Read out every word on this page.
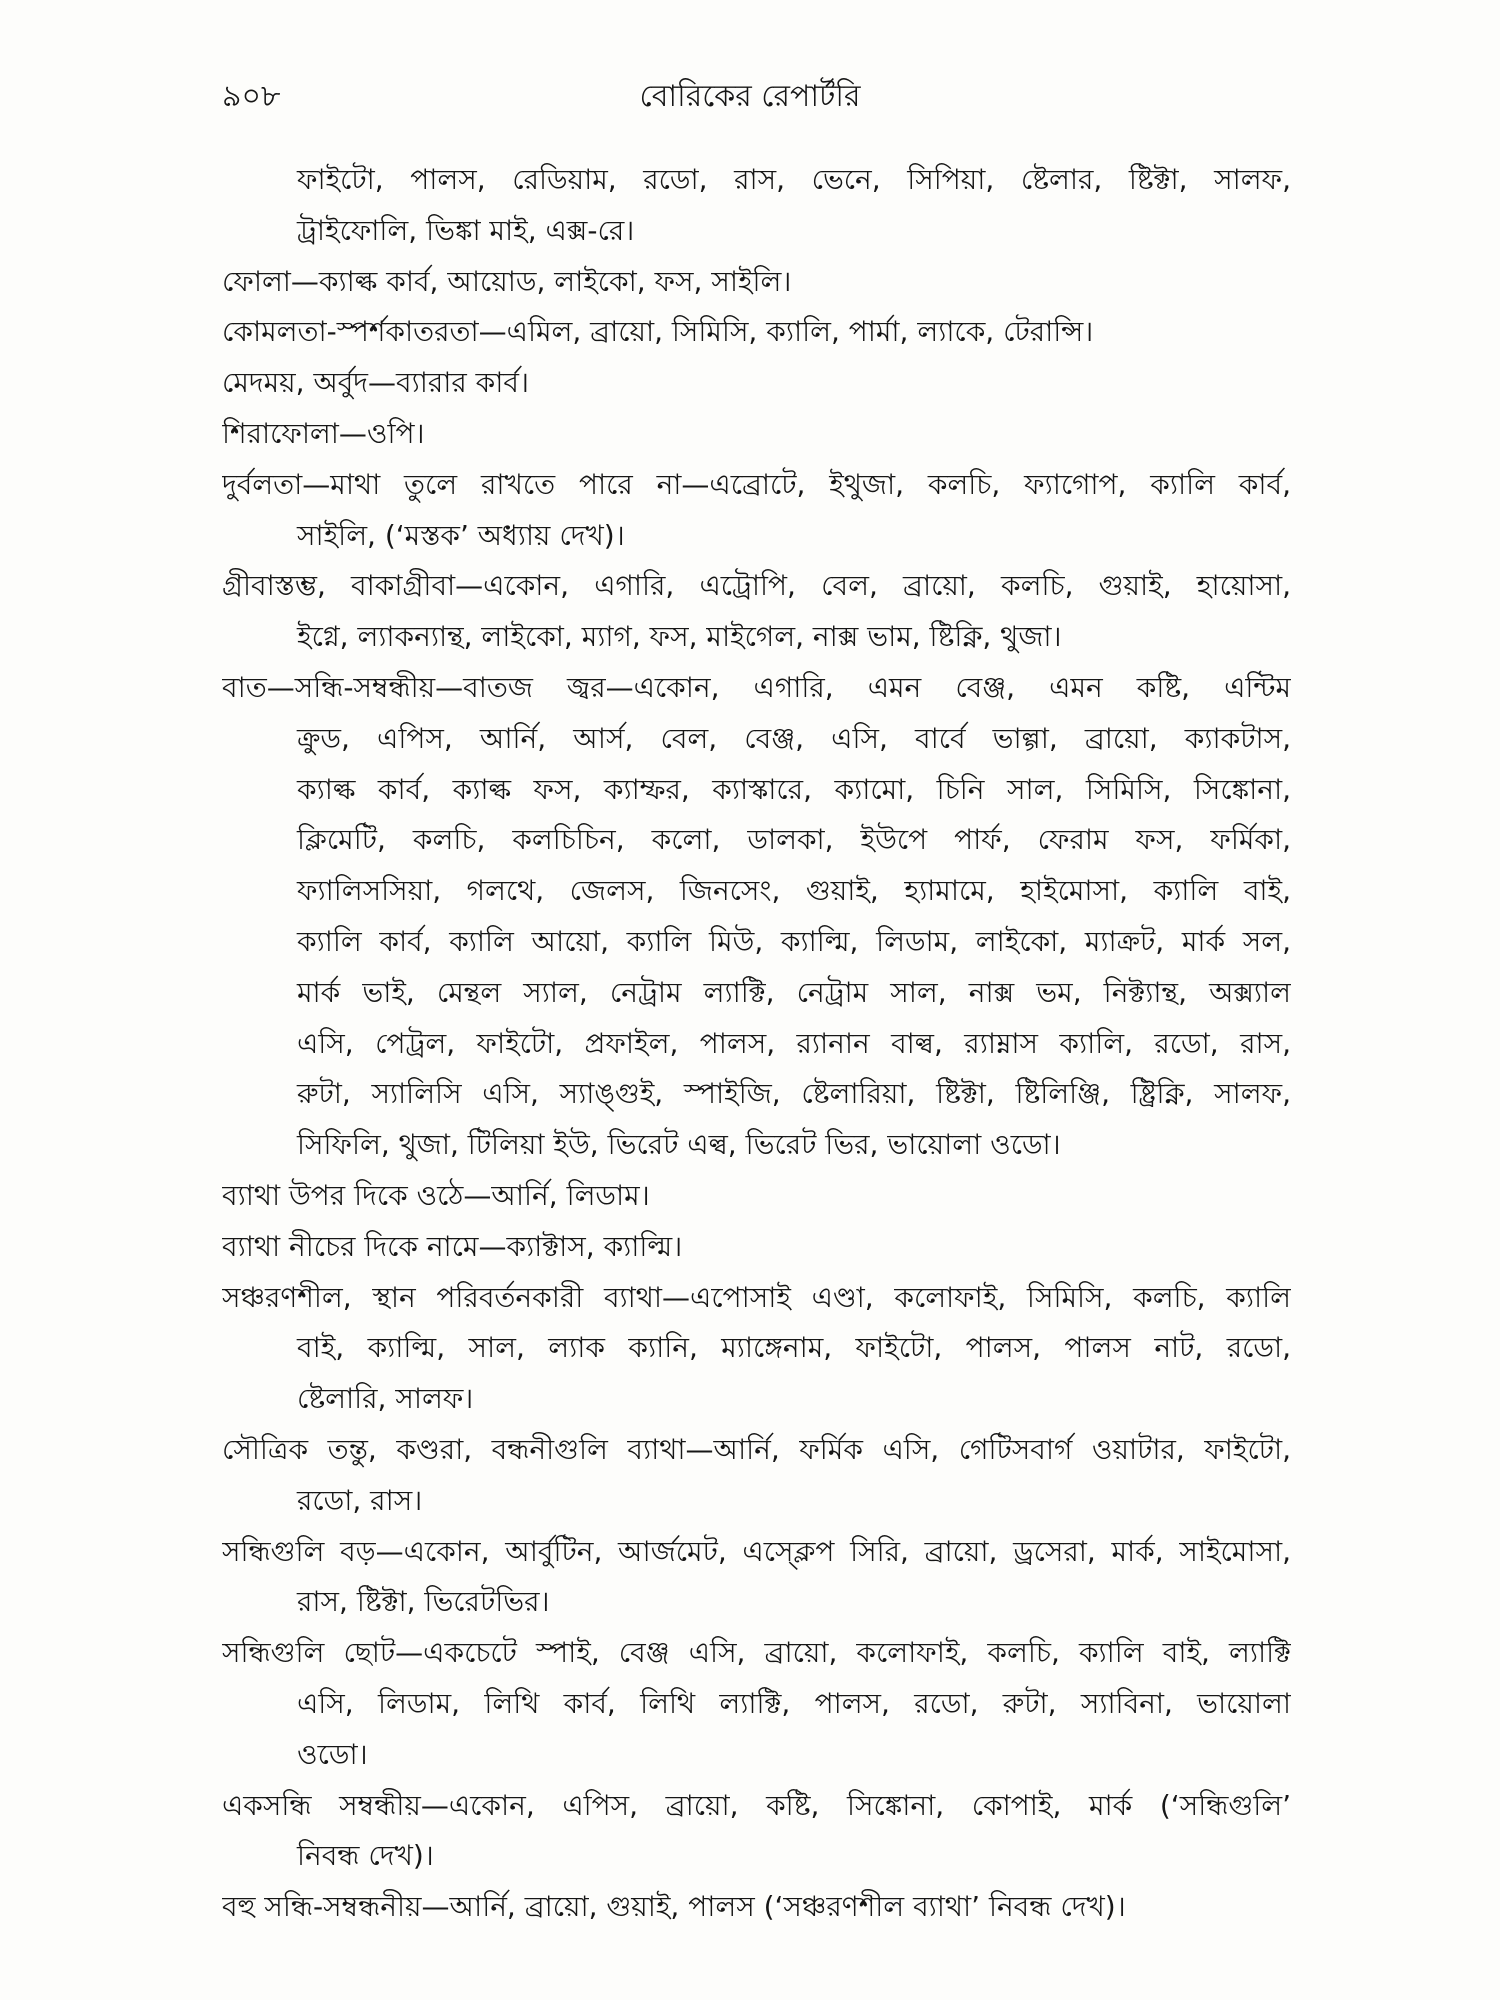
৯০৮	বোরিকের রেপার্টরি
ফাইটো, পালস, রেডিয়াম, রডো, রাস, ভেনে, সিপিয়া, ষ্টেলার, ষ্টিক্টা, সালফ,
ট্রাইফোলি, ভিঙ্কা মাই, এক্স-রে।
ফোলা—ক্যাল্ক কার্ব, আয়োড, লাইকো, ফস, সাইলি।
কোমলতা-স্পর্শকাতরতা—এমিল, ব্রায়ো, সিমিসি, ক্যালি, পার্মা, ল্যাকে, টেরান্সি।
মেদময়, অর্বুদ—ব্যারার কার্ব।
শিরাফোলা—ওপি।
দুর্বলতা—মাথা তুলে রাখতে পারে না—এব্রোটে, ইথুজা, কলচি, ফ্যাগোপ, ক্যালি কার্ব,
সাইলি, (‘মস্তক’ অধ্যায় দেখ)।
গ্রীবাস্তম্ভ, বাকাগ্রীবা—একোন, এগারি, এট্রোপি, বেল, ব্রায়ো, কলচি, গুয়াই, হায়োসা,
ইগ্নে, ল্যাকন্যান্থ, লাইকো, ম্যাগ, ফস, মাইগেল, নাক্স ভাম, ষ্টিক্নি, থুজা।
বাত—সন্ধি-সম্বন্ধীয়—বাতজ জ্বর—একোন, এগারি, এমন বেঞ্জ, এমন কষ্টি, এন্টিম
ক্রুড, এপিস, আর্নি, আর্স, বেল, বেঞ্জ, এসি, বার্বে ভাল্গা, ব্রায়ো, ক্যাকটাস,
ক্যাল্ক কার্ব, ক্যাল্ক ফস, ক্যাম্ফর, ক্যাস্কারে, ক্যামো, চিনি সাল, সিমিসি, সিঙ্কোনা,
ক্লিমেটি, কলচি, কলচিচিন, কলো, ডালকা, ইউপে পার্ফ, ফেরাম ফস, ফর্মিকা,
ফ্যালিসসিয়া, গলথে, জেলস, জিনসেং, গুয়াই, হ্যামামে, হাইমোসা, ক্যালি বাই,
ক্যালি কার্ব, ক্যালি আয়ো, ক্যালি মিউ, ক্যাল্মি, লিডাম, লাইকো, ম্যাক্রট, মার্ক সল,
মার্ক ভাই, মেন্থল স্যাল, নেট্রাম ল্যাক্টি, নেট্রাম সাল, নাক্স ভম, নিক্ট্যান্থ, অক্স্যাল
এসি, পেট্রল, ফাইটো, প্রফাইল, পালস, র‍্যানান বাল্ব, র‍্যাম্নাস ক্যালি, রডো, রাস,
রুটা, স্যালিসি এসি, স্যাঙ্গুই, স্পাইজি, ষ্টেলারিয়া, ষ্টিক্টা, ষ্টিলিঞ্জি, ষ্ট্রিক্নি, সালফ,
সিফিলি, থুজা, টিলিয়া ইউ, ভিরেট এল্ব, ভিরেট ভির, ভায়োলা ওডো।
ব্যাথা উপর দিকে ওঠে—আর্নি, লিডাম।
ব্যাথা নীচের দিকে নামে—ক্যাক্টাস, ক্যাল্মি।
সঞ্চরণশীল, স্থান পরিবর্তনকারী ব্যাথা—এপোসাই এণ্ডা, কলোফাই, সিমিসি, কলচি, ক্যালি
বাই, ক্যাল্মি, সাল, ল্যাক ক্যানি, ম্যাঙ্গেনাম, ফাইটো, পালস, পালস নাট, রডো,
ষ্টেলারি, সালফ।
সৌত্রিক তন্তু, কণ্ডরা, বন্ধনীগুলি ব্যাথা—আর্নি, ফর্মিক এসি, গেটিসবার্গ ওয়াটার, ফাইটো,
রডো, রাস।
সন্ধিগুলি বড়—একোন, আর্বুটিন, আর্জমেট, এস্ক্লেপ সিরি, ব্রায়ো, ড্রসেরা, মার্ক, সাইমোসা,
রাস, ষ্টিক্টা, ভিরেটভির।
সন্ধিগুলি ছোট—একচেটে স্পাই, বেঞ্জ এসি, ব্রায়ো, কলোফাই, কলচি, ক্যালি বাই, ল্যাক্টি
এসি, লিডাম, লিথি কার্ব, লিথি ল্যাক্টি, পালস, রডো, রুটা, স্যাবিনা, ভায়োলা
ওডো।
একসন্ধি সম্বন্ধীয়—একোন, এপিস, ব্রায়ো, কষ্টি, সিঙ্কোনা, কোপাই, মার্ক (‘সন্ধিগুলি’
নিবন্ধ দেখ)।
বহু সন্ধি-সম্বন্ধনীয়—আর্নি, ব্রায়ো, গুয়াই, পালস (‘সঞ্চরণশীল ব্যাথা’ নিবন্ধ দেখ)।
